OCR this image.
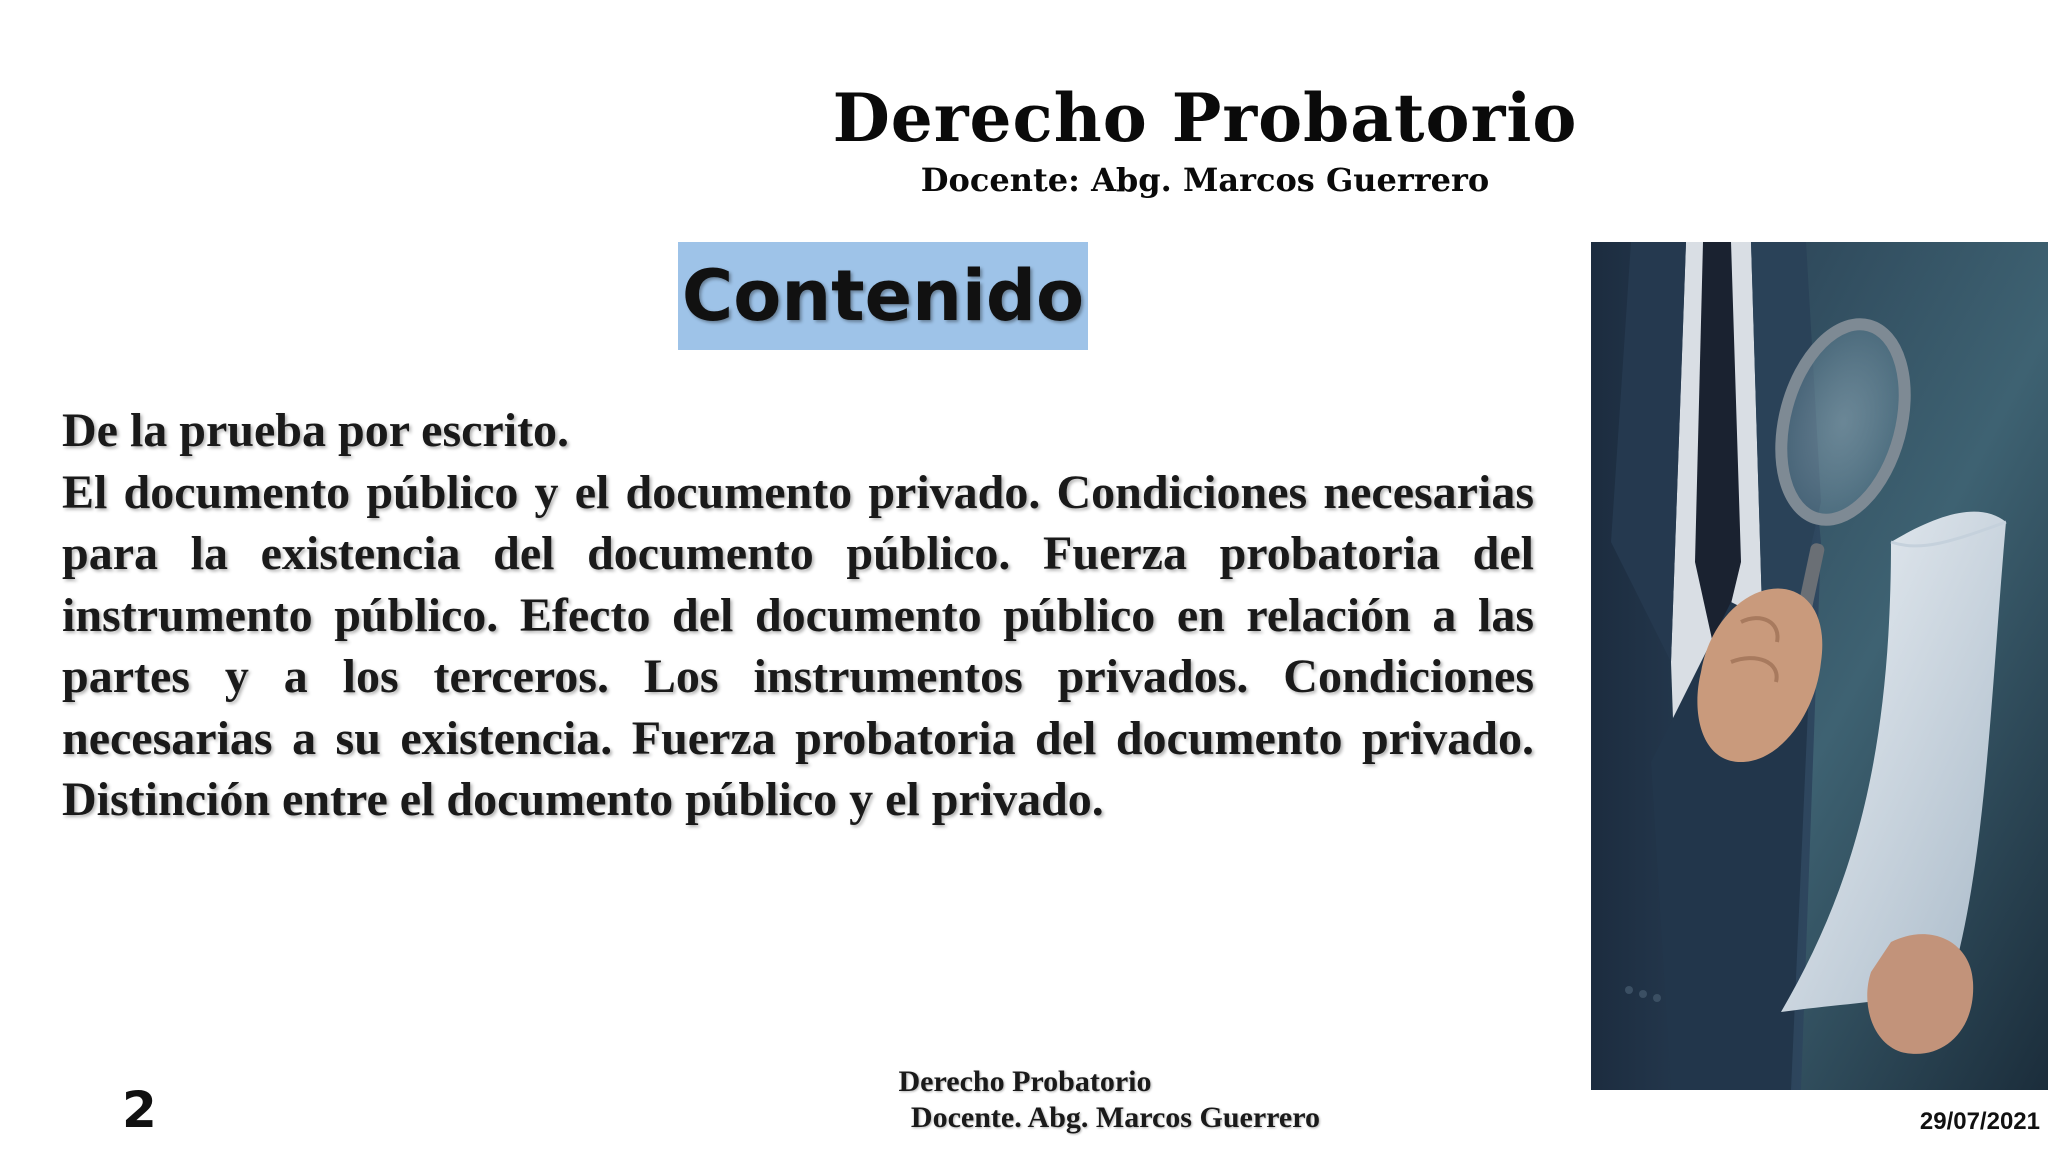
Derecho Probatorio
Docente: Abg. Marcos Guerrero
Contenido

De la prueba por escrito.

El documento público y el documento privado. Condiciones necesarias para la existencia del documento público. Fuerza probatoria del instrumento público. Efecto del documento público en relación a las partes y a los terceros. Los instrumentos privados. Condiciones necesarias a su existencia. Fuerza probatoria del documento privado. Distinción entre el documento público y el privado.

2	Derecho Probatorio
Docente. Abg. Marcos Guerrero	29/07/2021
